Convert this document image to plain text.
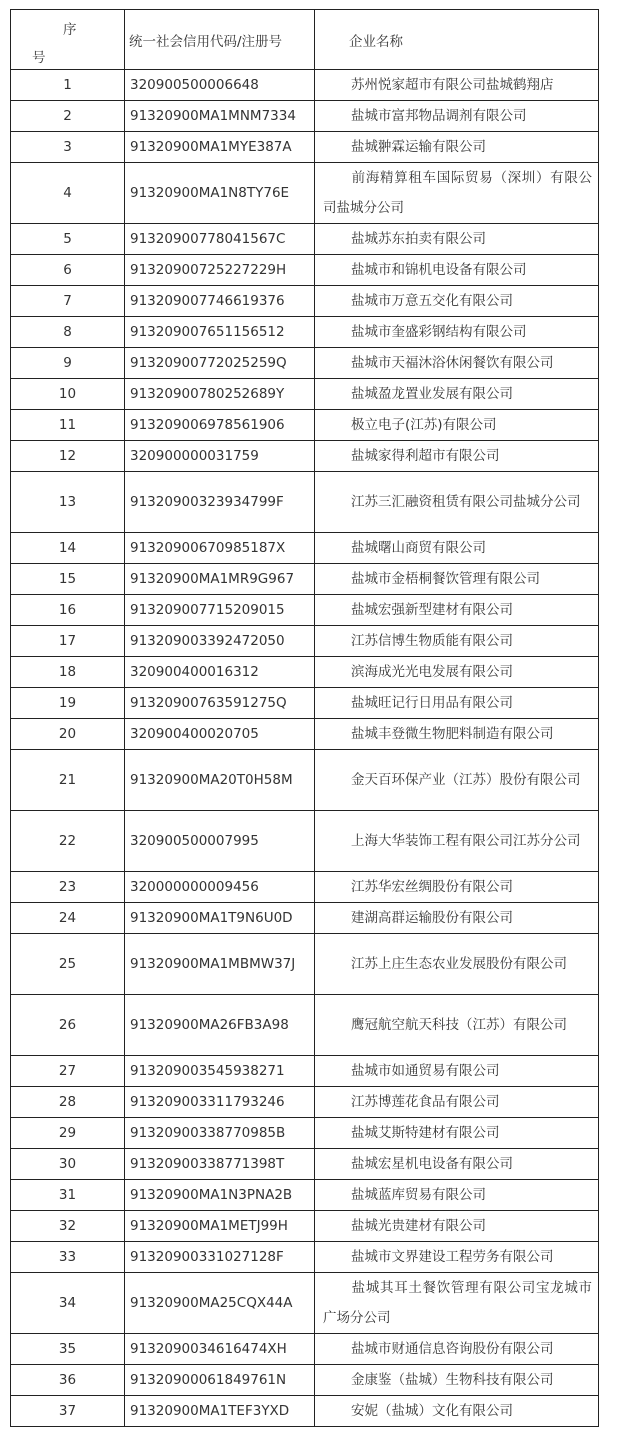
序
号	统一社会信用代码/注册号	企业名称
1	320900500006648	苏州悦家超市有限公司盐城鹤翔店
2	91320900MA1MNM7334	盐城市富邦物品调剂有限公司
3	91320900MA1MYE387A	盐城翀霖运输有限公司
4	91320900MA1N8TY76E	前海精算租车国际贸易（深圳）有限公司盐城分公司
5	91320900778041567C	盐城苏东拍卖有限公司
6	91320900725227229H	盐城市和锦机电设备有限公司
7	913209007746619376	盐城市万意五交化有限公司
8	913209007651156512	盐城市奎盛彩钢结构有限公司
9	91320900772025259Q	盐城市天福沐浴休闲餐饮有限公司
10	91320900780252689Y	盐城盈龙置业发展有限公司
11	913209006978561906	极立电子(江苏)有限公司
12	320900000031759	盐城家得利超市有限公司
13	91320900323934799F	江苏三汇融资租赁有限公司盐城分公司
14	91320900670985187X	盐城曙山商贸有限公司
15	91320900MA1MR9G967	盐城市金梧桐餐饮管理有限公司
16	913209007715209015	盐城宏强新型建材有限公司
17	913209003392472050	江苏信博生物质能有限公司
18	320900400016312	滨海成光光电发展有限公司
19	91320900763591275Q	盐城旺记行日用品有限公司
20	320900400020705	盐城丰登微生物肥料制造有限公司
21	91320900MA20T0H58M	金天百环保产业（江苏）股份有限公司
22	320900500007995	上海大华装饰工程有限公司江苏分公司
23	320000000009456	江苏华宏丝绸股份有限公司
24	91320900MA1T9N6U0D	建湖高群运输股份有限公司
25	91320900MA1MBMW37J	江苏上庄生态农业发展股份有限公司
26	91320900MA26FB3A98	鹰冠航空航天科技（江苏）有限公司
27	913209003545938271	盐城市如通贸易有限公司
28	913209003311793246	江苏博莲花食品有限公司
29	91320900338770985B	盐城艾斯特建材有限公司
30	91320900338771398T	盐城宏星机电设备有限公司
31	91320900MA1N3PNA2B	盐城蓝库贸易有限公司
32	91320900MA1METJ99H	盐城光贵建材有限公司
33	91320900331027128F	盐城市文界建设工程劳务有限公司
34	91320900MA25CQX44A	盐城其耳土餐饮管理有限公司宝龙城市广场分公司
35	9132090034616474XH	盐城市财通信息咨询股份有限公司
36	91320900061849761N	金康鉴（盐城）生物科技有限公司
37	91320900MA1TEF3YXD	安妮（盐城）文化有限公司
